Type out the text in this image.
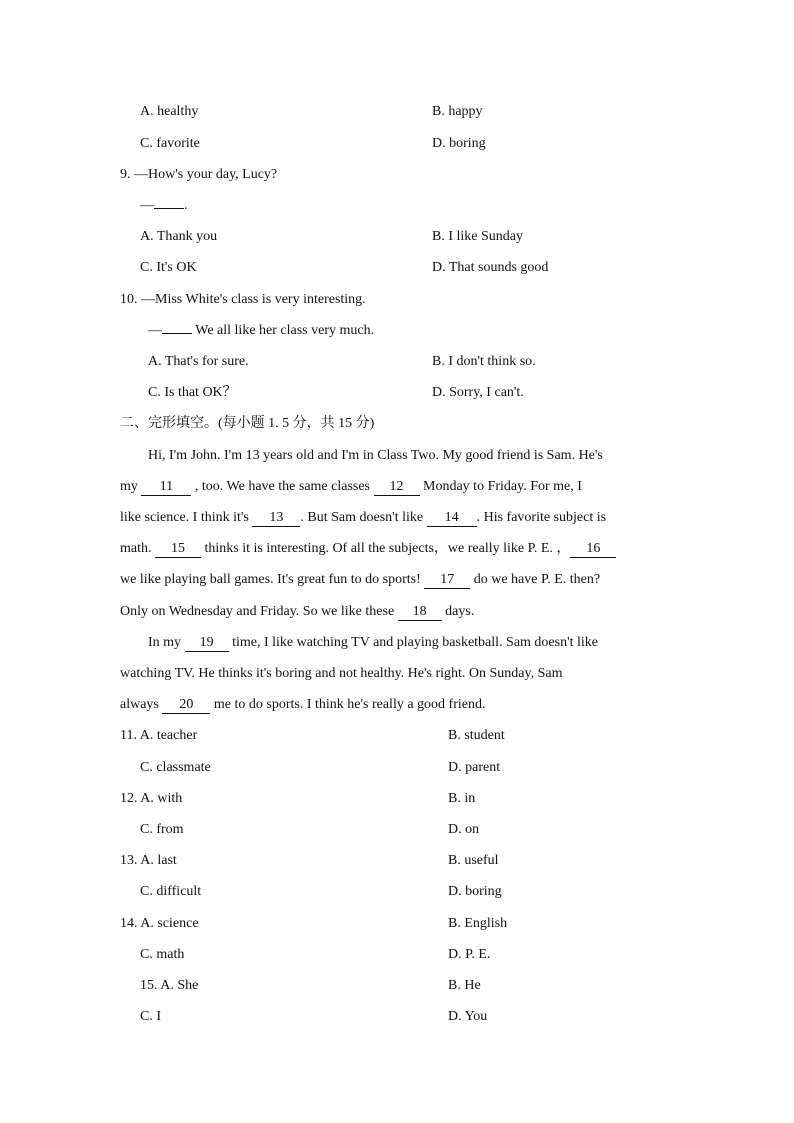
A. healthy	B. happy
C. favorite	D. boring
9. —How's your day, Lucy?
— .
A. Thank you	B. I like Sunday
C. It's OK	D. That sounds good
10. —Miss White's class is very interesting.
— We all like her class very much.
A. That's for sure.	B. I don't think so.
C. Is that OK？	D. Sorry, I can't.
二、完形填空。(每小题 1. 5 分，共 15 分)
Hi, I'm John. I'm 13 years old and I'm in Class Two. My good friend is Sam. He's
my 11 , too. We have the same classes 12 Monday to Friday. For me, I
like science. I think it's 13 . But Sam doesn't like 14 . His favorite subject is
math. 15 thinks it is interesting. Of all the subjects，we really like P. E. ， 16
we like playing ball games. It's great fun to do sports! 17 do we have P. E. then?
Only on Wednesday and Friday. So we like these 18 days.
In my 19 time, I like watching TV and playing basketball. Sam doesn't like
watching TV. He thinks it's boring and not healthy. He's right. On Sunday, Sam
always 20 me to do sports. I think he's really a good friend.
11. A. teacher	B. student
C. classmate	D. parent
12. A. with	B. in
C. from	D. on
13. A. last	B. useful
C. difficult	D. boring
14. A. science	B. English
C. math	D. P. E.
15. A. She	B. He
C. I	D. You
